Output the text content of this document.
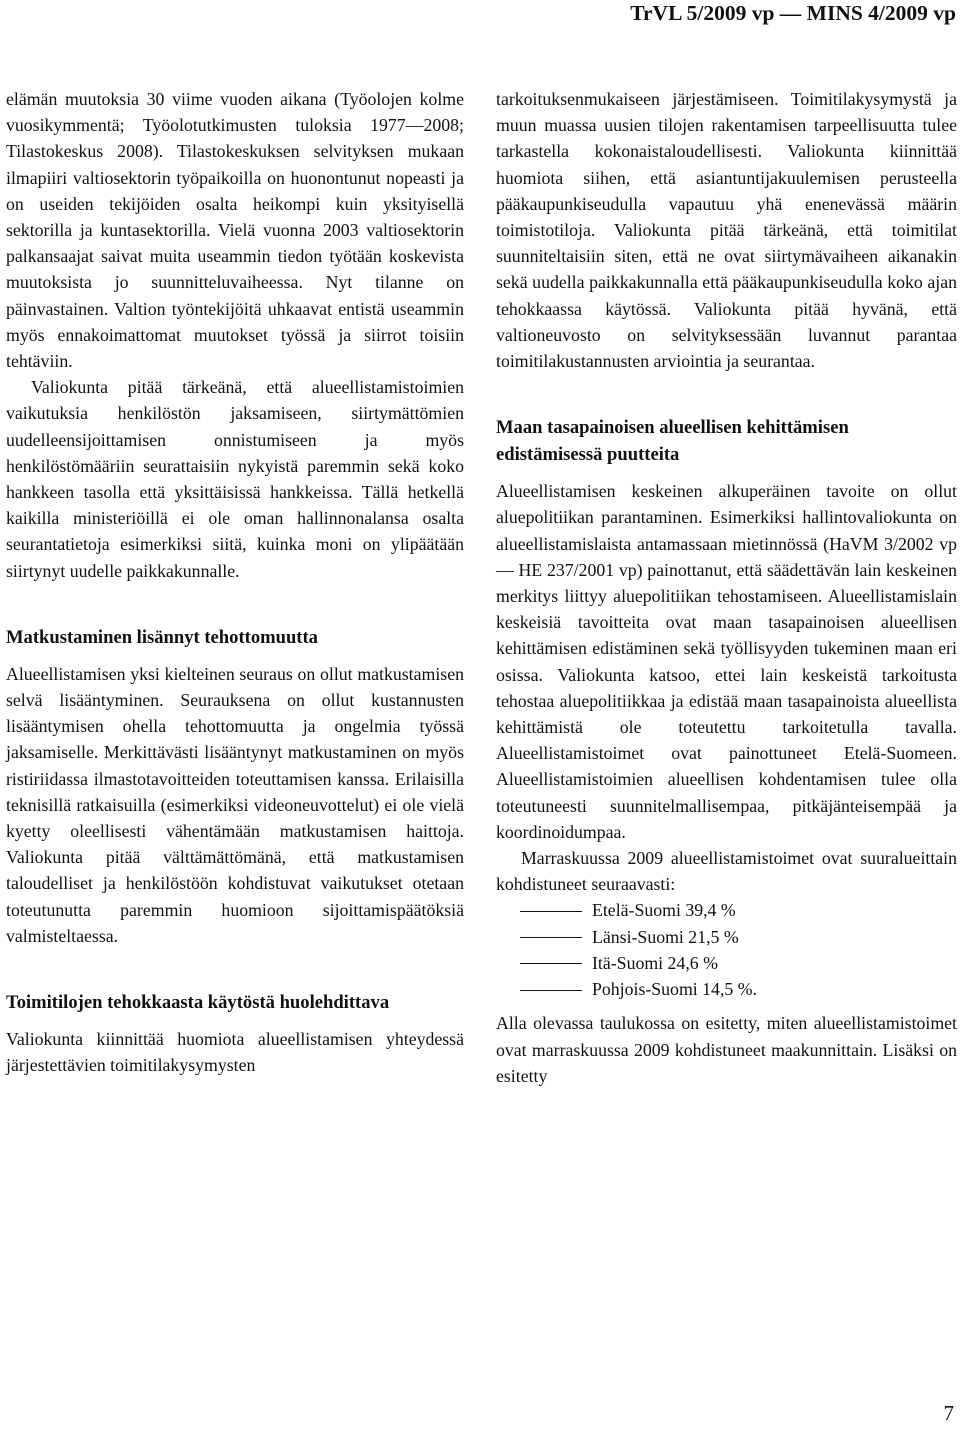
TrVL 5/2009 vp — MINS 4/2009 vp

elämän muutoksia 30 viime vuoden aikana (Työolojen kolme vuosikymmentä; Työolotutkimusten tuloksia 1977—2008; Tilastokeskus 2008). Tilastokeskuksen selvityksen mukaan ilmapiiri valtiosektorin työpaikoilla on huonontunut nopeasti ja on useiden tekijöiden osalta heikompi kuin yksityisellä sektorilla ja kuntasektorilla. Vielä vuonna 2003 valtiosektorin palkansaajat saivat muita useammin tiedon työtään koskevista muutoksista jo suunnitteluvaiheessa. Nyt tilanne on päinvastainen. Valtion työntekijöitä uhkaavat entistä useammin myös ennakoimattomat muutokset työssä ja siirrot toisiin tehtäviin.

Valiokunta pitää tärkeänä, että alueellistamistoimien vaikutuksia henkilöstön jaksamiseen, siirtymättömien uudelleensijoittamisen onnistumiseen ja myös henkilöstömääriin seurattaisiin nykyistä paremmin sekä koko hankkeen tasolla että yksittäisissä hankkeissa. Tällä hetkellä kaikilla ministeriöillä ei ole oman hallinnonalansa osalta seurantatietoja esimerkiksi siitä, kuinka moni on ylipäätään siirtynyt uudelle paikkakunnalle.

Matkustaminen lisännyt tehottomuutta

Alueellistamisen yksi kielteinen seuraus on ollut matkustamisen selvä lisääntyminen. Seurauksena on ollut kustannusten lisääntymisen ohella tehottomuutta ja ongelmia työssä jaksamiselle. Merkittävästi lisääntynyt matkustaminen on myös ristiriidassa ilmastotavoitteiden toteuttamisen kanssa. Erilaisilla teknisillä ratkaisuilla (esimerkiksi videoneuvottelut) ei ole vielä kyetty oleellisesti vähentämään matkustamisen haittoja. Valiokunta pitää välttämättömänä, että matkustamisen taloudelliset ja henkilöstöön kohdistuvat vaikutukset otetaan toteutunutta paremmin huomioon sijoittamispäätöksiä valmisteltaessa.

Toimitilojen tehokkaasta käytöstä huolehdittava

Valiokunta kiinnittää huomiota alueellistamisen yhteydessä järjestettävien toimitilakysymysten

tarkoituksenmukaiseen järjestämiseen. Toimitilakysymystä ja muun muassa uusien tilojen rakentamisen tarpeellisuutta tulee tarkastella kokonaistaloudellisesti. Valiokunta kiinnittää huomiota siihen, että asiantuntijakuulemisen perusteella pääkaupunkiseudulla vapautuu yhä enenevässä määrin toimistotiloja. Valiokunta pitää tärkeänä, että toimitilat suunniteltaisiin siten, että ne ovat siirtymävaiheen aikanakin sekä uudella paikkakunnalla että pääkaupunkiseudulla koko ajan tehokkaassa käytössä. Valiokunta pitää hyvänä, että valtioneuvosto on selvityksessään luvannut parantaa toimitilakustannusten arviointia ja seurantaa.

Maan tasapainoisen alueellisen kehittämisen edistämisessä puutteita

Alueellistamisen keskeinen alkuperäinen tavoite on ollut aluepolitiikan parantaminen. Esimerkiksi hallintovaliokunta on alueellistamislaista antamassaan mietinnössä (HaVM 3/2002 vp — HE 237/2001 vp) painottanut, että säädettävän lain keskeinen merkitys liittyy aluepolitiikan tehostamiseen. Alueellistamislain keskeisiä tavoitteita ovat maan tasapainoisen alueellisen kehittämisen edistäminen sekä työllisyyden tukeminen maan eri osissa. Valiokunta katsoo, ettei lain keskeistä tarkoitusta tehostaa aluepolitiikkaa ja edistää maan tasapainoista alueellista kehittämistä ole toteutettu tarkoitetulla tavalla. Alueellistamistoimet ovat painottuneet Etelä-Suomeen. Alueellistamistoimien alueellisen kohdentamisen tulee olla toteutuneesti suunnitelmallisempaa, pitkäjänteisempää ja koordinoidumpaa.

Marraskuussa 2009 alueellistamistoimet ovat suuralueittain kohdistuneet seuraavasti:

Etelä-Suomi 39,4 %
Länsi-Suomi 21,5 %
Itä-Suomi 24,6 %
Pohjois-Suomi 14,5 %.

Alla olevassa taulukossa on esitetty, miten alueellistamistoimet ovat marraskuussa 2009 kohdistuneet maakunnittain. Lisäksi on esitetty

7
